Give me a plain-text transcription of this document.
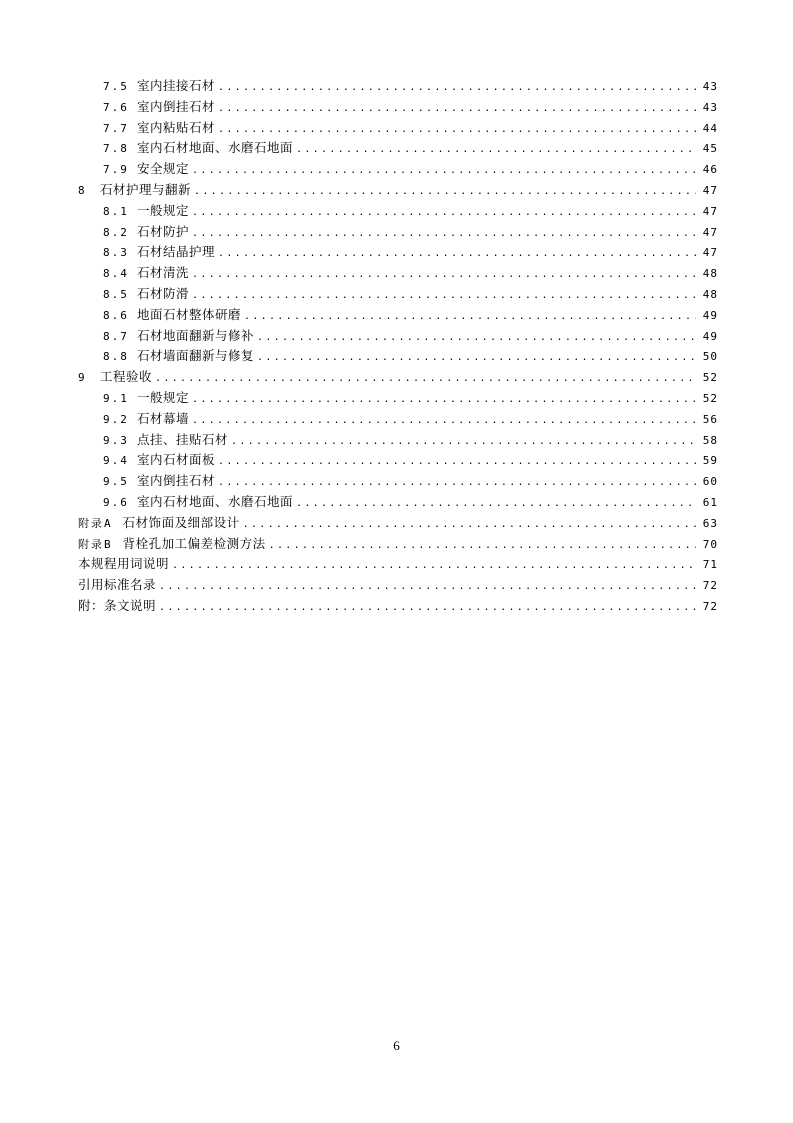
7.5 室内挂接石材 .....	43
7.6 室内倒挂石材 .....	43
7.7 室内粘贴石材 .....	44
7.8 室内石材地面、水磨石地面 .....	45
7.9 安全规定 .....	46
8	石材护理与翻新 .....	47
8.1 一般规定 .....	47
8.2 石材防护 .....	47
8.3 石材结晶护理 .....	47
8.4 石材清洗 .....	48
8.5 石材防滑 .....	48
8.6 地面石材整体研磨 .....	49
8.7 石材地面翻新与修补 .....	49
8.8 石材墙面翻新与修复 .....	50
9	工程验收 .....	52
9.1 一般规定 .....	52
9.2 石材幕墙 .....	56
9.3 点挂、挂贴石材 .....	58
9.4 室内石材面板 .....	59
9.5 室内倒挂石材 .....	60
9.6 室内石材地面、水磨石地面 .....	61
附录A 石材饰面及细部设计 .....	63
附录B 背栓孔加工偏差检测方法 .....	70
本规程用词说明 .....	71
引用标准名录 .....	72
附：条文说明 .....	72
6
